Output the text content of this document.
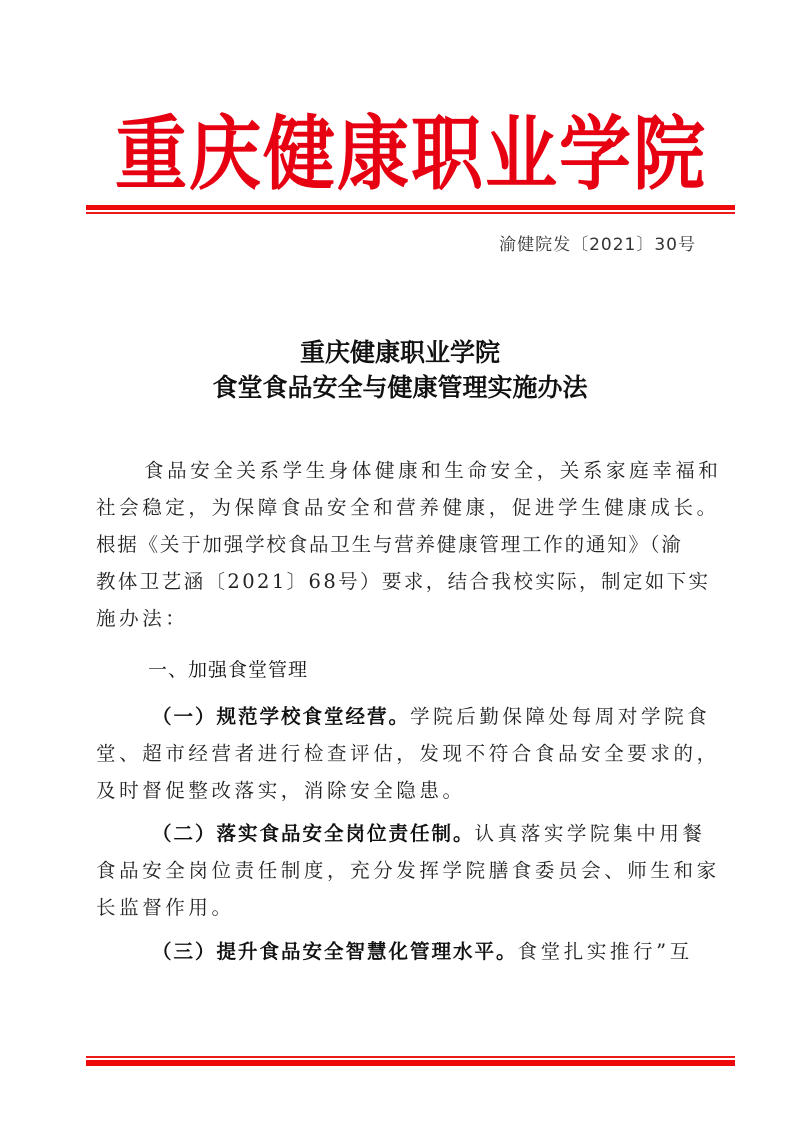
重庆健康职业学院
渝健院发〔2021〕30号
重庆健康职业学院
食堂食品安全与健康管理实施办法
食品安全关系学生身体健康和生命安全，关系家庭幸福和
社会稳定，为保障食品安全和营养健康，促进学生健康成长。
根据《关于加强学校食品卫生与营养健康管理工作的通知》（渝
教体卫艺涵〔2021〕68号）要求，结合我校实际，制定如下实
施办法：
一、加强食堂管理
（一）规范学校食堂经营。学院后勤保障处每周对学院食
堂、超市经营者进行检查评估，发现不符合食品安全要求的，
及时督促整改落实，消除安全隐患。
（二）落实食品安全岗位责任制。认真落实学院集中用餐
食品安全岗位责任制度，充分发挥学院膳食委员会、师生和家
长监督作用。
（三）提升食品安全智慧化管理水平。食堂扎实推行”互
